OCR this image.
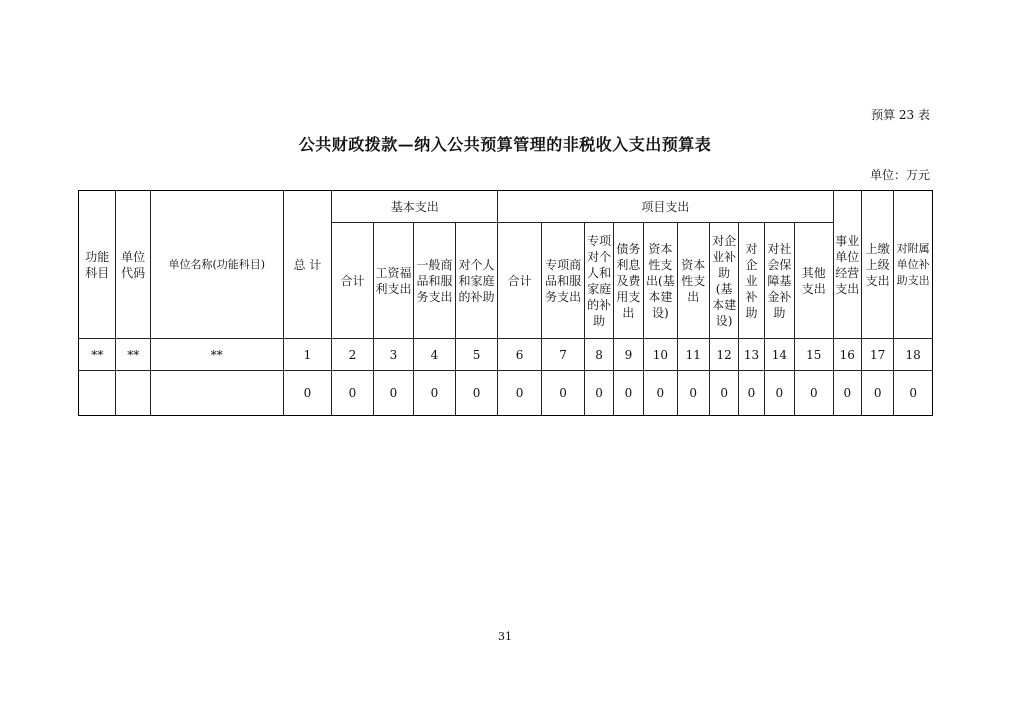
预算 23 表
公共财政拨款—纳入公共预算管理的非税收入支出预算表
单位：万元
功能科目	单位代码	单位名称(功能科目)	总 计	基本支出				项目支出										事业单位经营支出	上缴上级支出	对附属单位补助支出
				合计	工资福利支出	一般商品和服务支出	对个人和家庭的补助	合计	专项商品和服务支出	专项对个人和家庭的补助	债务利息及费用支出	资本性支出(基本建设)	资本性支出	对企业补助(基本建设)	对企业补助	对社会保障基金补助	其他支出			
**	**	**	1	2	3	4	5	6	7	8	9	10	11	12	13	14	15	16	17	18
			0	0	0	0	0	0	0	0	0	0	0	0	0	0	0	0	0	0
31
